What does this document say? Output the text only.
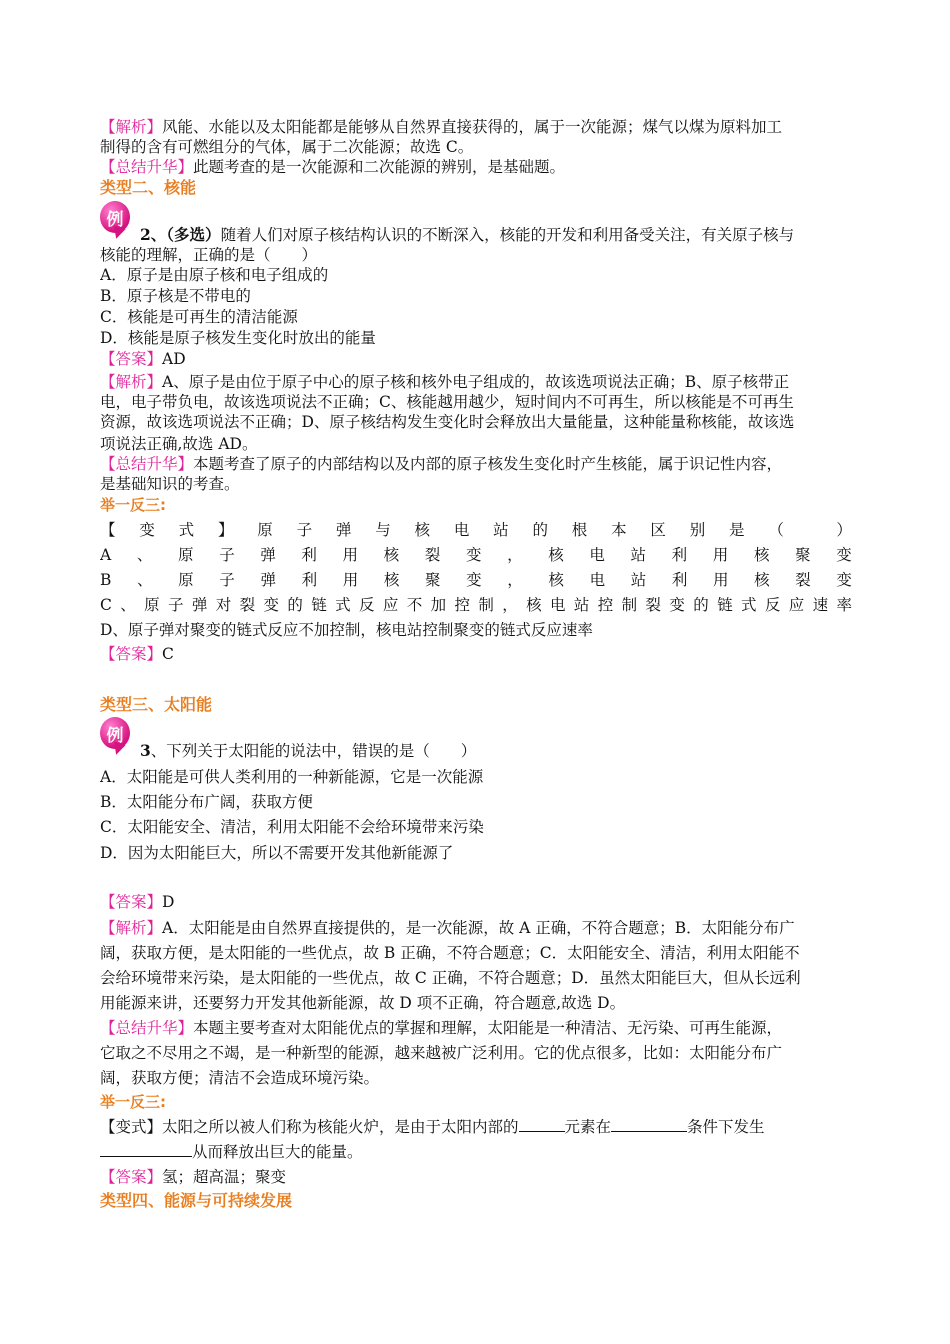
【解析】风能、水能以及太阳能都是能够从自然界直接获得的，属于一次能源；煤气以煤为原料加工
制得的含有可燃组分的气体，属于二次能源；故选 C。
【总结升华】此题考查的是一次能源和二次能源的辨别，是基础题。
类型二、核能
例
2、（多选）随着人们对原子核结构认识的不断深入，核能的开发和利用备受关注，有关原子核与
核能的理解，正确的是（　　）
A．原子是由原子核和电子组成的
B．原子核是不带电的
C．核能是可再生的清洁能源
D．核能是原子核发生变化时放出的能量
【答案】AD
【解析】A、原子是由位于原子中心的原子核和核外电子组成的，故该选项说法正确；B、原子核带正
电，电子带负电，故该选项说法不正确；C、核能越用越少，短时间内不可再生，所以核能是不可再生
资源，故该选项说法不正确；D、原子核结构发生变化时会释放出大量能量，这种能量称核能，故该选
项说法正确,故选 AD。
【总结升华】本题考查了原子的内部结构以及内部的原子核发生变化时产生核能，属于识记性内容，
是基础知识的考查。
举一反三:
【 变 式 】 原 子 弹 与 核 电 站 的 根 本 区 别 是 （
	）
A 、 原 子 弹 利 用 核 裂 变 ， 核 电 站 利 用 核 聚 变
B 、 原 子 弹 利 用 核 聚 变 ， 核 电 站 利 用 核 裂 变
C 、 原 子 弹 对 裂 变 的 链 式 反 应 不 加 控 制 ， 核 电 站 控 制 裂 变 的 链 式 反 应 速 率
D、原子弹对聚变的链式反应不加控制，核电站控制聚变的链式反应速率
【答案】C
类型三、太阳能
例
3、下列关于太阳能的说法中，错误的是（　　）
A．太阳能是可供人类利用的一种新能源，它是一次能源
B．太阳能分布广阔，获取方便
C．太阳能安全、清洁，利用太阳能不会给环境带来污染
D．因为太阳能巨大，所以不需要开发其他新能源了
【答案】D
【解析】A．太阳能是由自然界直接提供的，是一次能源，故 A 正确，不符合题意；B．太阳能分布广
阔，获取方便，是太阳能的一些优点，故 B 正确，不符合题意；C．太阳能安全、清洁，利用太阳能不
会给环境带来污染，是太阳能的一些优点，故 C 正确，不符合题意；D．虽然太阳能巨大，但从长远利
用能源来讲，还要努力开发其他新能源，故 D 项不正确，符合题意,故选 D。
【总结升华】本题主要考查对太阳能优点的掌握和理解，太阳能是一种清洁、无污染、可再生能源，
它取之不尽用之不竭，是一种新型的能源，越来越被广泛利用。它的优点很多，比如：太阳能分布广
阔，获取方便；清洁不会造成环境污染。
举一反三:
【变式】太阳之所以被人们称为核能火炉，是由于太阳内部的	元素在	条件下发生
从而释放出巨大的能量。
【答案】氢；超高温；聚变
类型四、能源与可持续发展
